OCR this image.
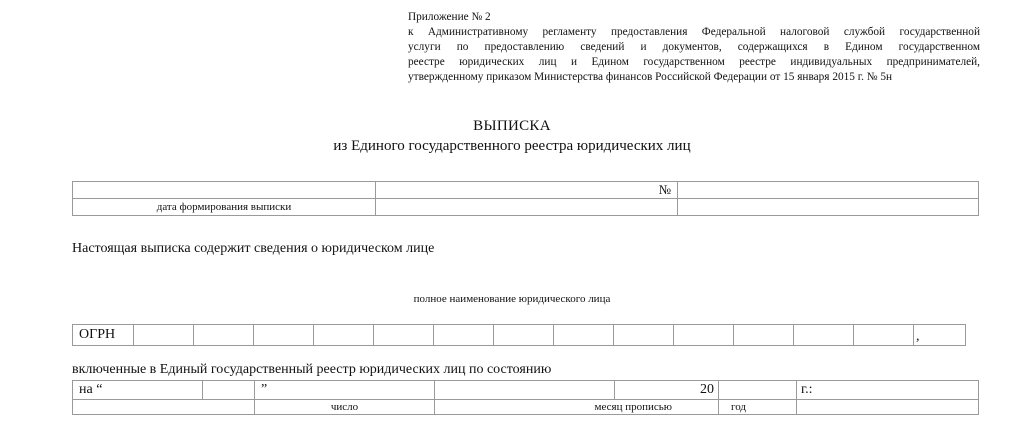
Приложение № 2
к Административному регламенту предоставления Федеральной налоговой службой государственной
услуги по предоставлению сведений и документов, содержащихся в Едином государственном
реестре юридических лиц и Едином государственном реестре индивидуальных предпринимателей,
утвержденному приказом Министерства финансов Российской Федерации от 15 января 2015 г. № 5н
ВЫПИСКА
из Единого государственного реестра юридических лиц
	№	
дата формирования выписки		
Настоящая выписка содержит сведения о юридическом лице
полное наименование юридического лица
ОГРН														,
включенные в Единый государственный реестр юридических лиц по состоянию
на “		”		20		г.:
		число	месяц прописью		год	
